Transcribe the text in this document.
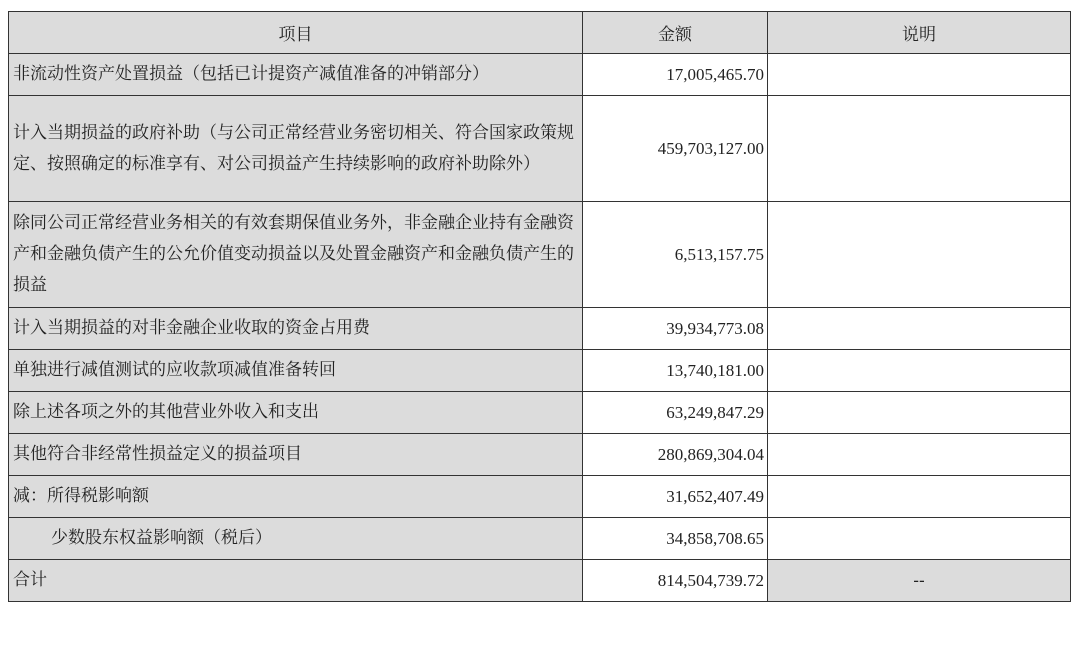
项目	金额	说明
非流动性资产处置损益（包括已计提资产减值准备的冲销部分）	17,005,465.70	
计入当期损益的政府补助（与公司正常经营业务密切相关、符合国家政策规定、按照确定的标准享有、对公司损益产生持续影响的政府补助除外）	459,703,127.00	
除同公司正常经营业务相关的有效套期保值业务外，非金融企业持有金融资产和金融负债产生的公允价值变动损益以及处置金融资产和金融负债产生的损益	6,513,157.75	
计入当期损益的对非金融企业收取的资金占用费	39,934,773.08	
单独进行减值测试的应收款项减值准备转回	13,740,181.00	
除上述各项之外的其他营业外收入和支出	63,249,847.29	
其他符合非经常性损益定义的损益项目	280,869,304.04	
减：所得税影响额	31,652,407.49	
少数股东权益影响额（税后）	34,858,708.65	
合计	814,504,739.72	--
